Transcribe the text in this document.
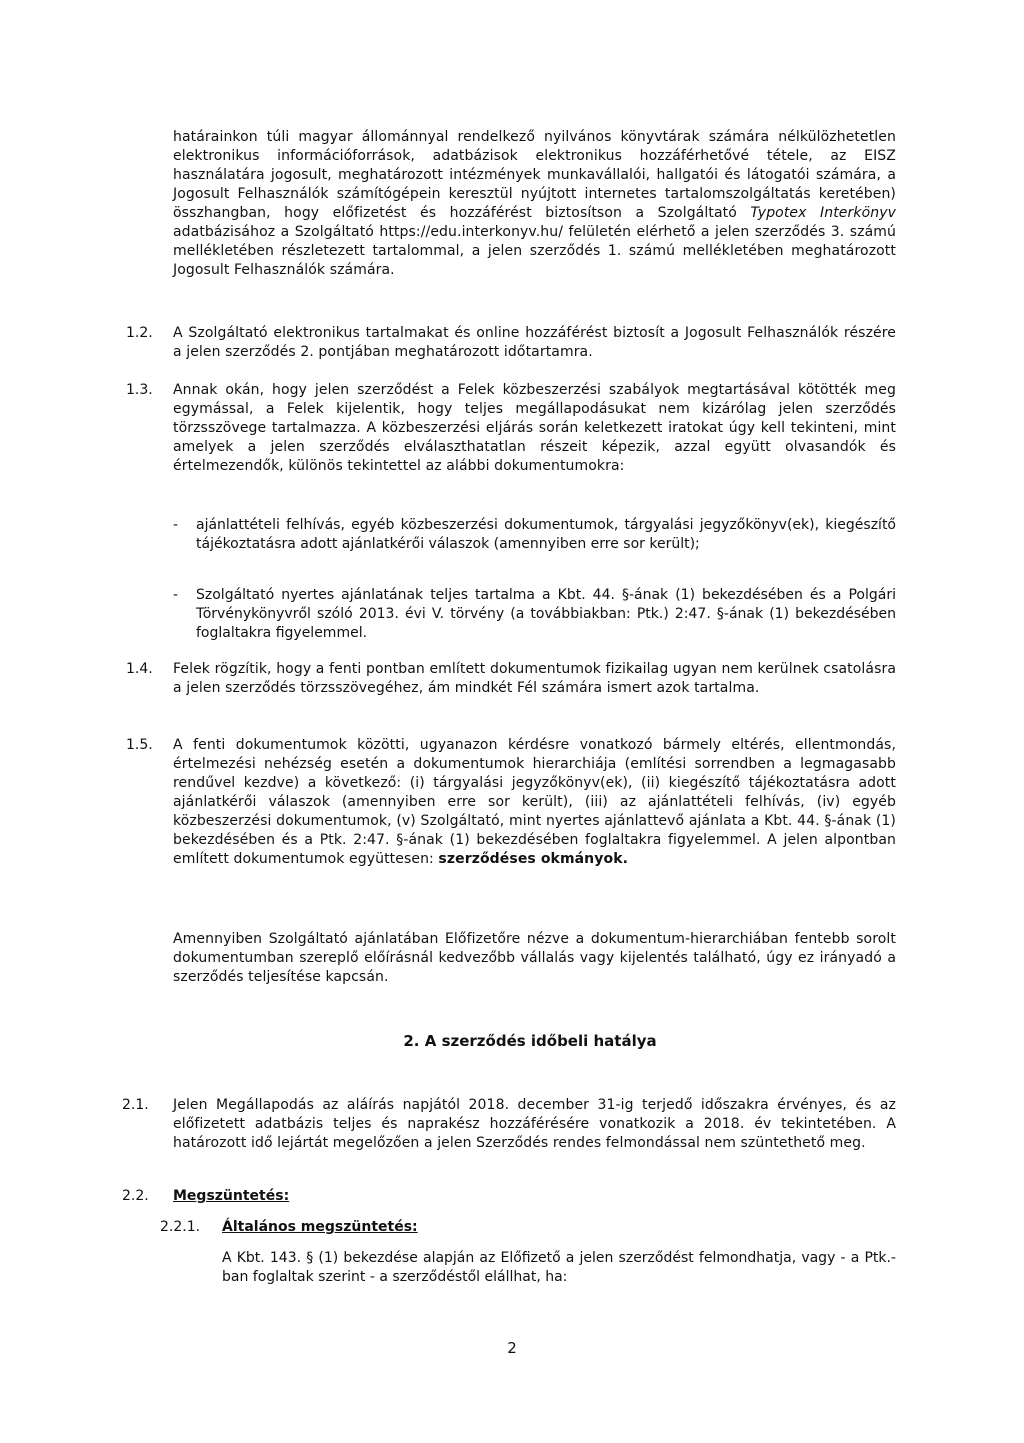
határainkon túli magyar állománnyal rendelkező nyilvános könyvtárak számára nélkülözhetetlen elektronikus információforrások, adatbázisok elektronikus hozzáférhetővé tétele, az EISZ használatára jogosult, meghatározott intézmények munkavállalói, hallgatói és látogatói számára, a Jogosult Felhasználók számítógépein keresztül nyújtott internetes tartalomszolgáltatás keretében) összhangban, hogy előfizetést és hozzáférést biztosítson a Szolgáltató Typotex Interkönyv adatbázisához a Szolgáltató https://edu.interkonyv.hu/ felületén elérhető a jelen szerződés 3. számú mellékletében részletezett tartalommal, a jelen szerződés 1. számú mellékletében meghatározott Jogosult Felhasználók számára.
1.2. A Szolgáltató elektronikus tartalmakat és online hozzáférést biztosít a Jogosult Felhasználók részére a jelen szerződés 2. pontjában meghatározott időtartamra.
1.3. Annak okán, hogy jelen szerződést a Felek közbeszerzési szabályok megtartásával kötötték meg egymással, a Felek kijelentik, hogy teljes megállapodásukat nem kizárólag jelen szerződés törzsszövege tartalmazza. A közbeszerzési eljárás során keletkezett iratokat úgy kell tekinteni, mint amelyek a jelen szerződés elválaszthatatlan részeit képezik, azzal együtt olvasandók és értelmezendők, különös tekintettel az alábbi dokumentumokra:
- ajánlattételi felhívás, egyéb közbeszerzési dokumentumok, tárgyalási jegyzőkönyv(ek), kiegészítő tájékoztatásra adott ajánlatkérői válaszok (amennyiben erre sor került);
- Szolgáltató nyertes ajánlatának teljes tartalma a Kbt. 44. §-ának (1) bekezdésében és a Polgári Törvénykönyvről szóló 2013. évi V. törvény (a továbbiakban: Ptk.) 2:47. §-ának (1) bekezdésében foglaltakra figyelemmel.
1.4. Felek rögzítik, hogy a fenti pontban említett dokumentumok fizikailag ugyan nem kerülnek csatolásra a jelen szerződés törzsszövegéhez, ám mindkét Fél számára ismert azok tartalma.
1.5. A fenti dokumentumok közötti, ugyanazon kérdésre vonatkozó bármely eltérés, ellentmondás, értelmezési nehézség esetén a dokumentumok hierarchiája (említési sorrendben a legmagasabb rendűvel kezdve) a következő: (i) tárgyalási jegyzőkönyv(ek), (ii) kiegészítő tájékoztatásra adott ajánlatkérői válaszok (amennyiben erre sor került), (iii) az ajánlattételi felhívás, (iv) egyéb közbeszerzési dokumentumok, (v) Szolgáltató, mint nyertes ajánlattevő ajánlata a Kbt. 44. §-ának (1) bekezdésében és a Ptk. 2:47. §-ának (1) bekezdésében foglaltakra figyelemmel. A jelen alpontban említett dokumentumok együttesen: szerződéses okmányok.
Amennyiben Szolgáltató ajánlatában Előfizetőre nézve a dokumentum-hierarchiában fentebb sorolt dokumentumban szereplő előírásnál kedvezőbb vállalás vagy kijelentés található, úgy ez irányadó a szerződés teljesítése kapcsán.
2. A szerződés időbeli hatálya
2.1. Jelen Megállapodás az aláírás napjától 2018. december 31-ig terjedő időszakra érvényes, és az előfizetett adatbázis teljes és naprakész hozzáférésére vonatkozik a 2018. év tekintetében. A határozott idő lejártát megelőzően a jelen Szerződés rendes felmondással nem szüntethető meg.
2.2. Megszüntetés:
2.2.1. Általános megszüntetés:
A Kbt. 143. § (1) bekezdése alapján az Előfizető a jelen szerződést felmondhatja, vagy - a Ptk.-ban foglaltak szerint - a szerződéstől elállhat, ha:
2
